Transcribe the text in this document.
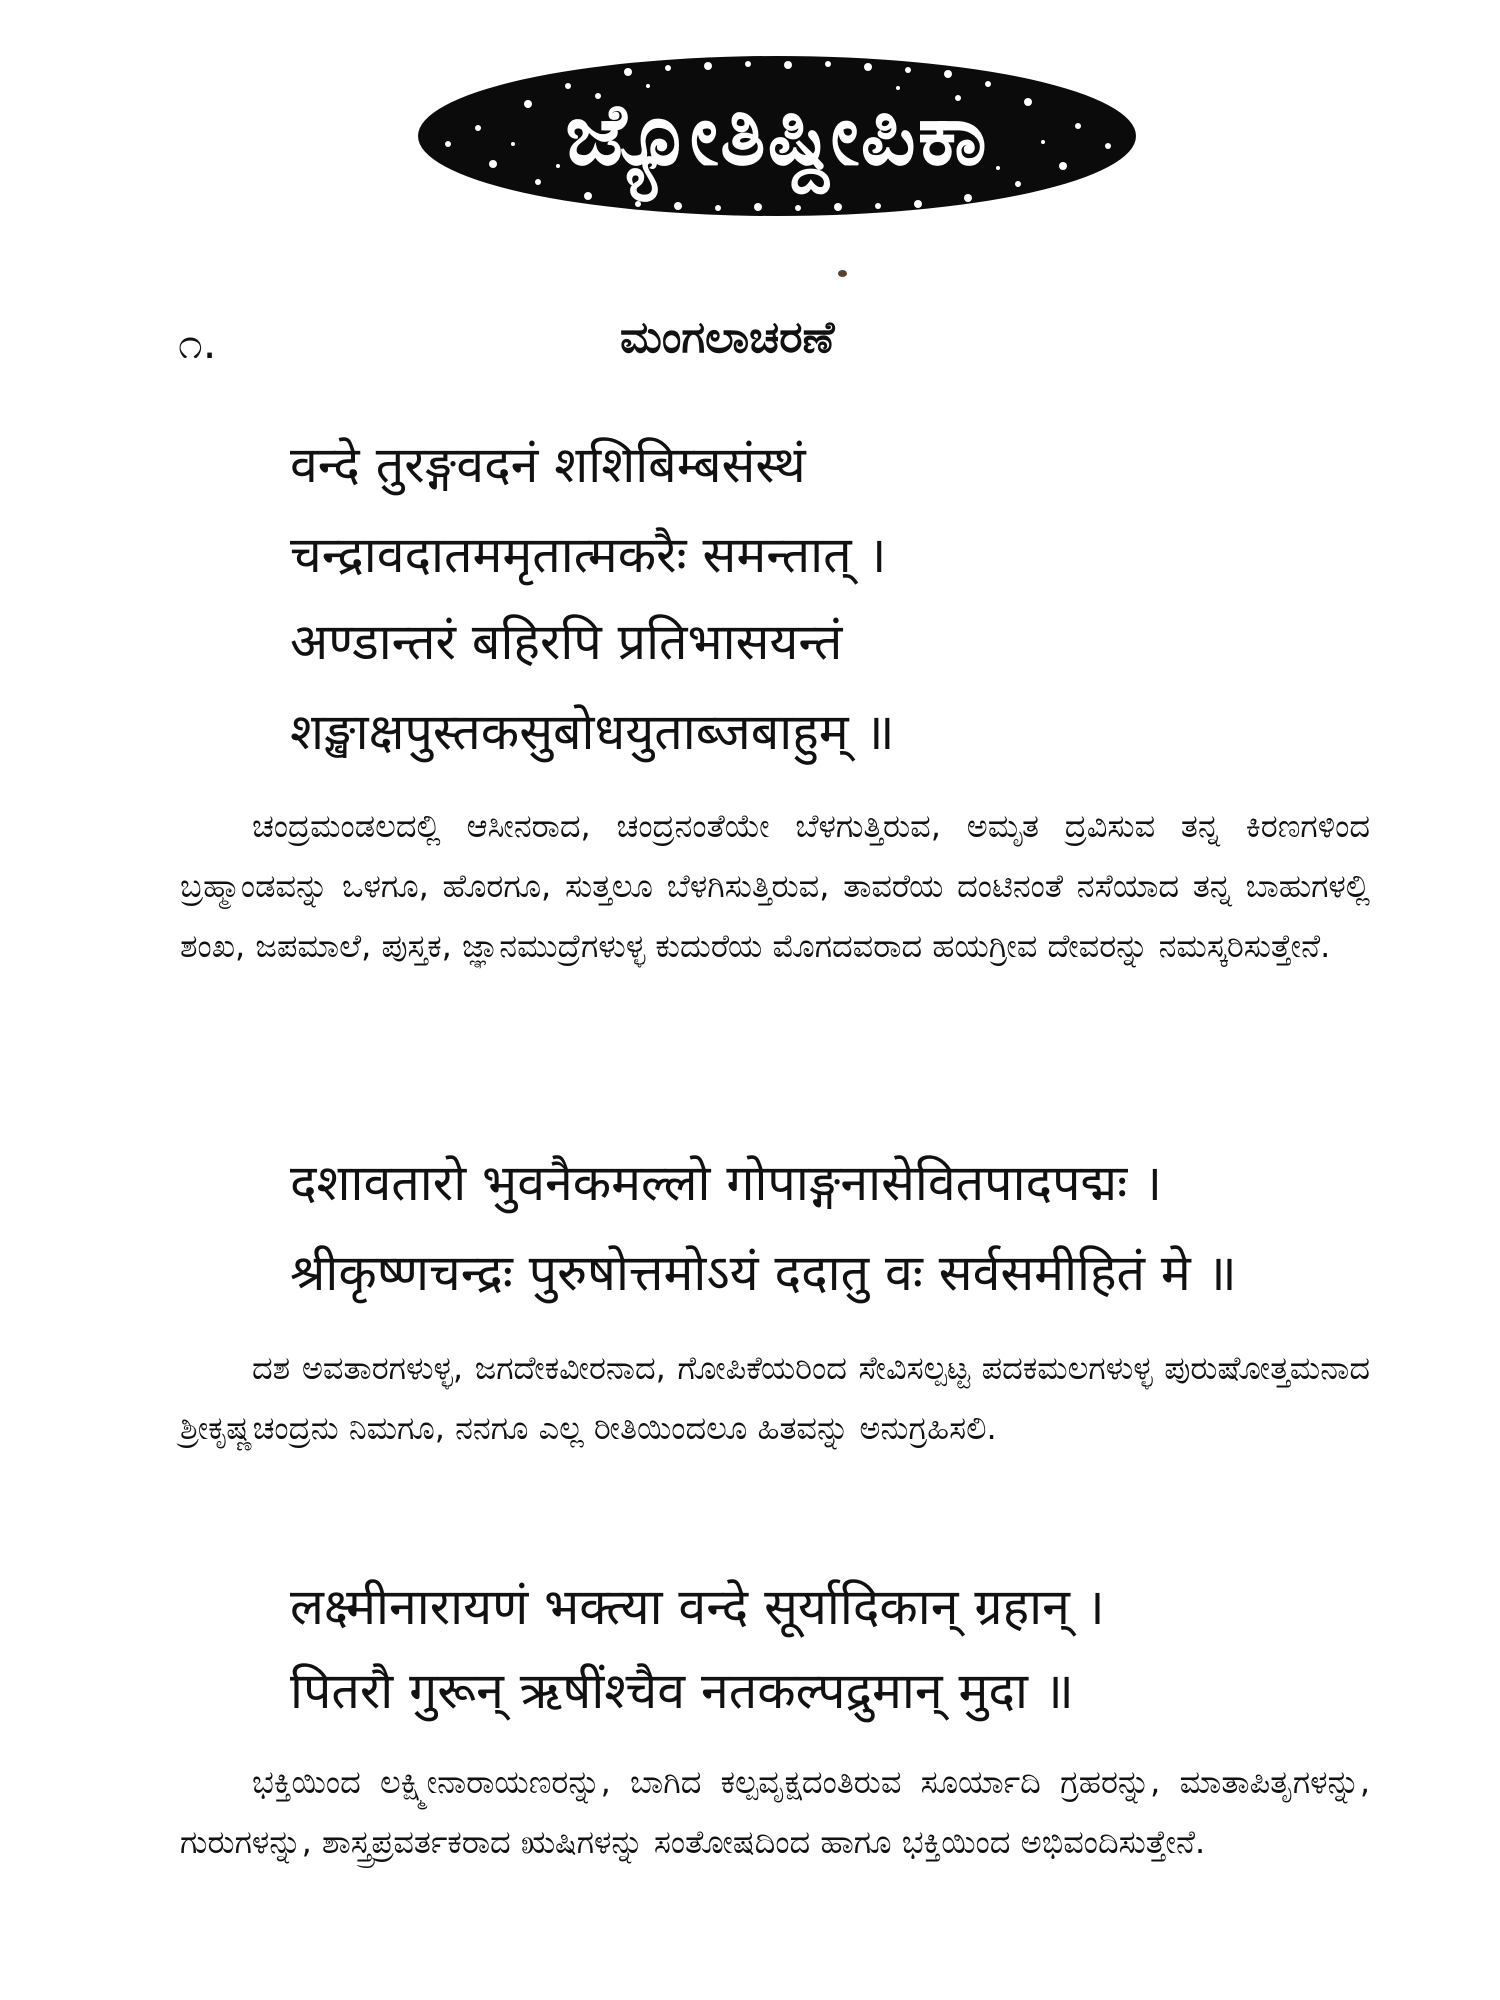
ಜ್ಯೋತಿಷ್ದೀಪಿಕಾ
೧.	ಮಂಗಲಾಚರಣೆ
वन्दे तुरङ्गवदनं शशिबिम्बसंस्थं
चन्द्रावदातममृतात्मकरैः समन्तात् ।
अण्डान्तरं बहिरपि प्रतिभासयन्तं
शङ्खाक्षपुस्तकसुबोधयुताब्जबाहुम् ॥
ಚಂದ್ರಮಂಡಲದಲ್ಲಿ ಆಸೀನರಾದ, ಚಂದ್ರನಂತೆಯೇ ಬೆಳಗುತ್ತಿರುವ, ಅಮೃತ ದ್ರವಿಸುವ ತನ್ನ ಕಿರಣಗಳಿಂದ ಬ್ರಹ್ಮಾಂಡವನ್ನು ಒಳಗೂ, ಹೊರಗೂ, ಸುತ್ತಲೂ ಬೆಳಗಿಸುತ್ತಿರುವ, ತಾವರೆಯ ದಂಟಿನಂತೆ ನಸೆಯಾದ ತನ್ನ ಬಾಹುಗಳಲ್ಲಿ ಶಂಖ, ಜಪಮಾಲೆ, ಪುಸ್ತಕ, ಜ್ಞಾನಮುದ್ರೆಗಳುಳ್ಳ ಕುದುರೆಯ ಮೊಗದವರಾದ ಹಯಗ್ರೀವ ದೇವರನ್ನು ನಮಸ್ಕರಿಸುತ್ತೇನೆ.
दशावतारो भुवनैकमल्लो गोपाङ्गनासेवितपादपद्मः ।
श्रीकृष्णचन्द्रः पुरुषोत्तमोऽयं ददातु वः सर्वसमीहितं मे ॥
ದಶ ಅವತಾರಗಳುಳ್ಳ, ಜಗದೇಕವೀರನಾದ, ಗೋಪಿಕೆಯರಿಂದ ಸೇವಿಸಲ್ಪಟ್ಟ ಪದಕಮಲಗಳುಳ್ಳ ಪುರುಷೋತ್ತಮನಾದ ಶ್ರೀಕೃಷ್ಣಚಂದ್ರನು ನಿಮಗೂ, ನನಗೂ ಎಲ್ಲ ರೀತಿಯಿಂದಲೂ ಹಿತವನ್ನು ಅನುಗ್ರಹಿಸಲಿ.
लक्ष्मीनारायणं भक्त्या वन्दे सूर्यादिकान् ग्रहान् ।
पितरौ गुरून् ऋषींश्चैव नतकल्पद्रुमान् मुदा ॥
ಭಕ್ತಿಯಿಂದ ಲಕ್ಷ್ಮೀನಾರಾಯಣರನ್ನು, ಬಾಗಿದ ಕಲ್ಪವೃಕ್ಷದಂತಿರುವ ಸೂರ್ಯಾದಿ ಗ್ರಹರನ್ನು, ಮಾತಾಪಿತೃಗಳನ್ನು, ಗುರುಗಳನ್ನು, ಶಾಸ್ತ್ರಪ್ರವರ್ತಕರಾದ ಋಷಿಗಳನ್ನು ಸಂತೋಷದಿಂದ ಹಾಗೂ ಭಕ್ತಿಯಿಂದ ಅಭಿವಂದಿಸುತ್ತೇನೆ.
